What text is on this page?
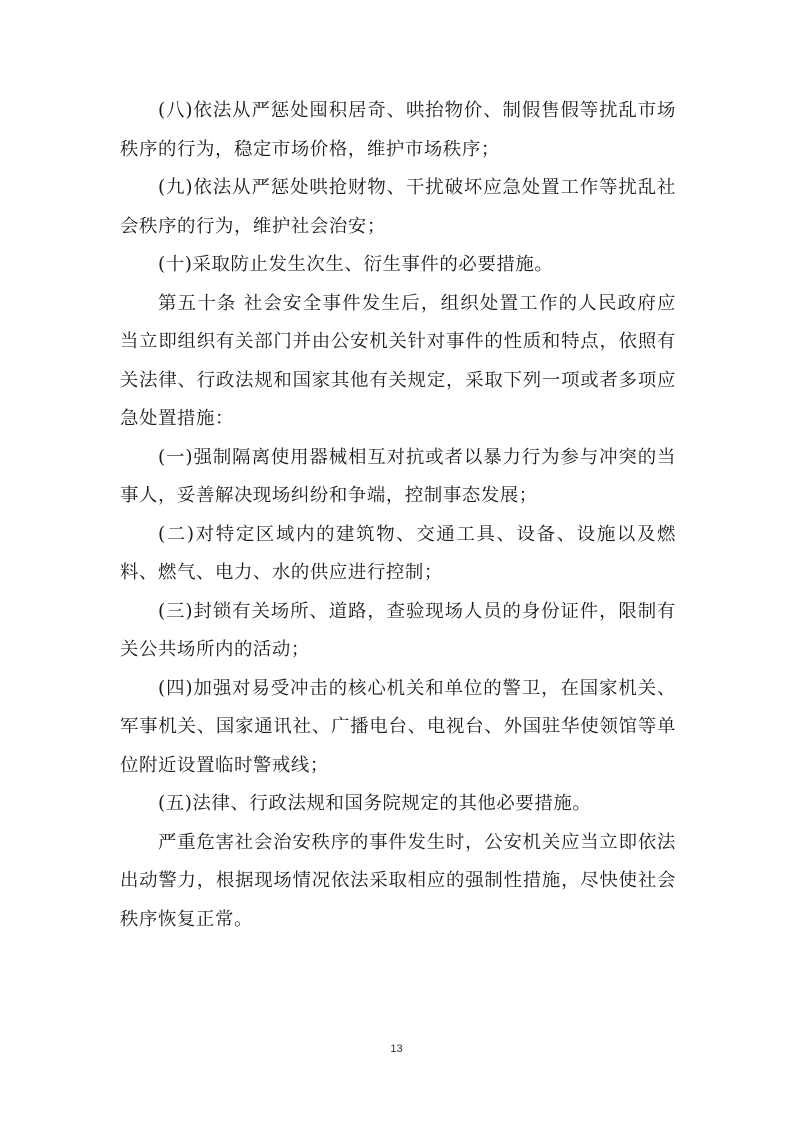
(八)依法从严惩处囤积居奇、哄抬物价、制假售假等扰乱市场秩序的行为，稳定市场价格，维护市场秩序；

(九)依法从严惩处哄抢财物、干扰破坏应急处置工作等扰乱社会秩序的行为，维护社会治安；

(十)采取防止发生次生、衍生事件的必要措施。

第五十条 社会安全事件发生后，组织处置工作的人民政府应当立即组织有关部门并由公安机关针对事件的性质和特点，依照有关法律、行政法规和国家其他有关规定，采取下列一项或者多项应急处置措施：

(一)强制隔离使用器械相互对抗或者以暴力行为参与冲突的当事人，妥善解决现场纠纷和争端，控制事态发展；

(二)对特定区域内的建筑物、交通工具、设备、设施以及燃料、燃气、电力、水的供应进行控制；

(三)封锁有关场所、道路，查验现场人员的身份证件，限制有关公共场所内的活动；

(四)加强对易受冲击的核心机关和单位的警卫，在国家机关、军事机关、国家通讯社、广播电台、电视台、外国驻华使领馆等单位附近设置临时警戒线；

(五)法律、行政法规和国务院规定的其他必要措施。

严重危害社会治安秩序的事件发生时，公安机关应当立即依法出动警力，根据现场情况依法采取相应的强制性措施，尽快使社会秩序恢复正常。

13
